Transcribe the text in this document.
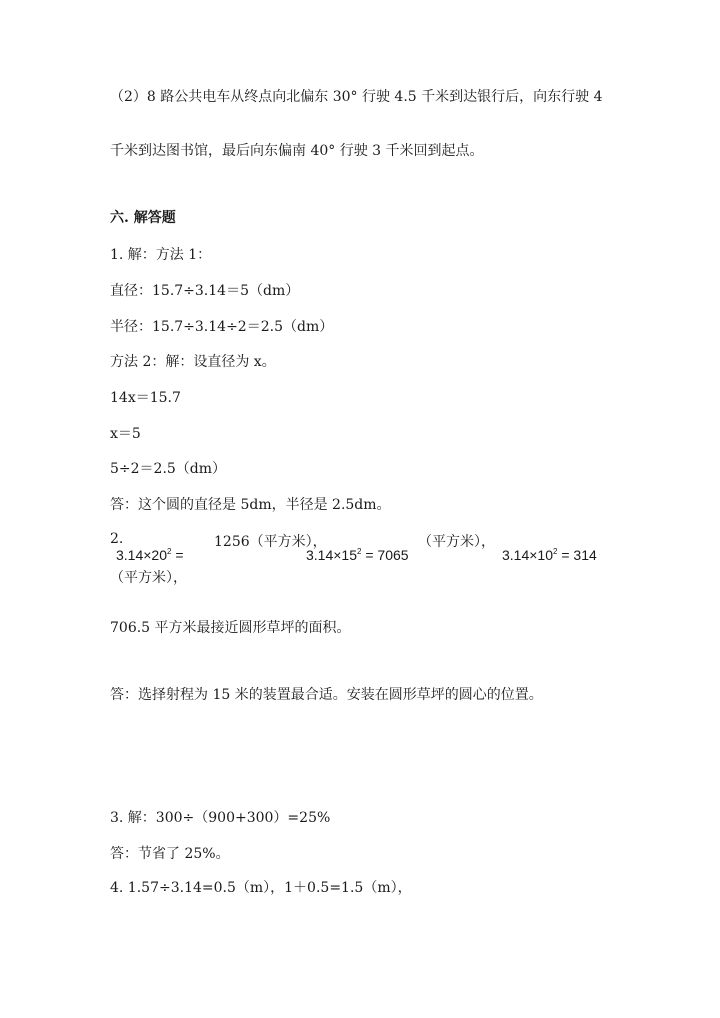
（2）8 路公共电车从终点向北偏东 30° 行驶 4.5 千米到达银行后，向东行驶 4
千米到达图书馆，最后向东偏南 40° 行驶 3 千米回到起点。
六. 解答题
1. 解：方法 1：
直径：15.7÷3.14＝5（dm）
半径：15.7÷3.14÷2＝2.5（dm）
方法 2：解：设直径为 x。
14x＝15.7
x＝5
5÷2＝2.5（dm）
答：这个圆的直径是 5dm，半径是 2.5dm。
2.	1256（平方米），	（平方米），
$3.14\times 20^2$ =	$3.14\times 15^2 = 7065$	$3.14\times 10^2 = 314$
（平方米），
706.5 平方米最接近圆形草坪的面积。
答：选择射程为 15 米的装置最合适。安装在圆形草坪的圆心的位置。
3. 解：300÷（900+300）=25%
答：节省了 25%。
4. 1.57÷3.14=0.5（m），1＋0.5=1.5（m），
